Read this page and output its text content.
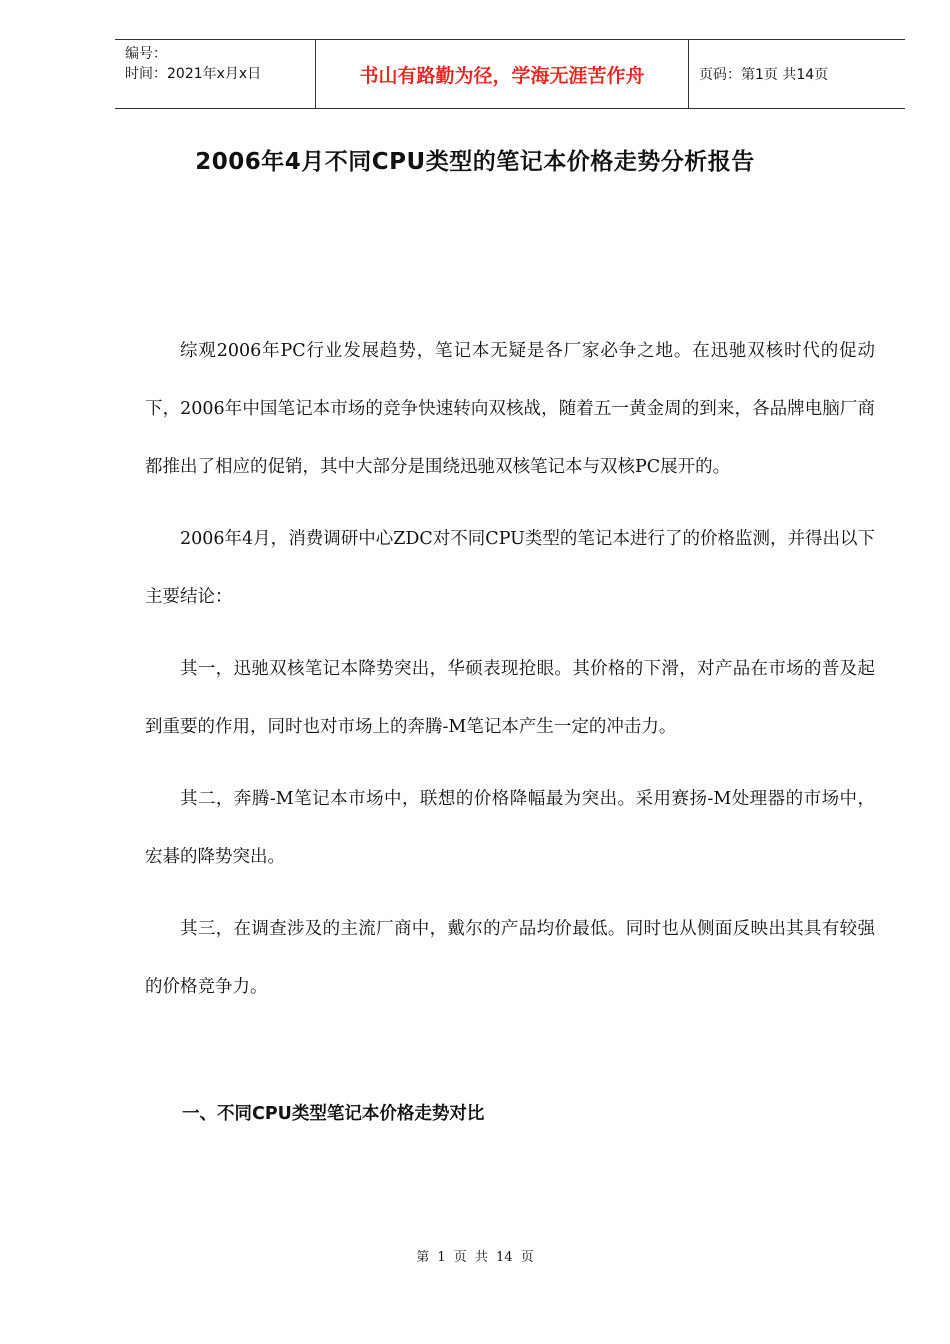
编号：
时间：2021年x月x日	书山有路勤为径，学海无涯苦作舟	页码：第1页 共14页
2006年4月不同CPU类型的笔记本价格走势分析报告

综观2006年PC行业发展趋势，笔记本无疑是各厂家必争之地。在迅驰双核时代的促动下，2006年中国笔记本市场的竞争快速转向双核战，随着五一黄金周的到来，各品牌电脑厂商都推出了相应的促销，其中大部分是围绕迅驰双核笔记本与双核PC展开的。

2006年4月，消费调研中心ZDC对不同CPU类型的笔记本进行了的价格监测，并得出以下主要结论：

其一，迅驰双核笔记本降势突出，华硕表现抢眼。其价格的下滑，对产品在市场的普及起到重要的作用，同时也对市场上的奔腾-M笔记本产生一定的冲击力。

其二，奔腾-M笔记本市场中，联想的价格降幅最为突出。采用赛扬-M处理器的市场中，宏碁的降势突出。

其三，在调查涉及的主流厂商中，戴尔的产品均价最低。同时也从侧面反映出其具有较强的价格竞争力。

一、不同CPU类型笔记本价格走势对比
第 1 页 共 14 页
